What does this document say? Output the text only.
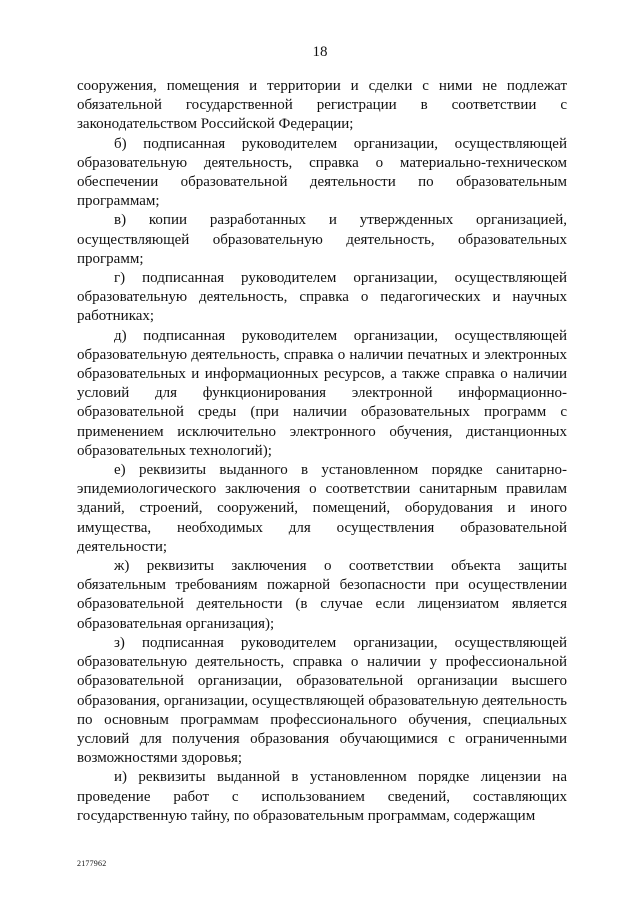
18

сооружения, помещения и территории и сделки с ними не подлежат обязательной государственной регистрации в соответствии с законодательством Российской Федерации;

б) подписанная руководителем организации, осуществляющей образовательную деятельность, справка о материально-техническом обеспечении образовательной деятельности по образовательным программам;

в) копии разработанных и утвержденных организацией, осуществляющей образовательную деятельность, образовательных программ;

г) подписанная руководителем организации, осуществляющей образовательную деятельность, справка о педагогических и научных работниках;

д) подписанная руководителем организации, осуществляющей образовательную деятельность, справка о наличии печатных и электронных образовательных и информационных ресурсов, а также справка о наличии условий для функционирования электронной информационно-образовательной среды (при наличии образовательных программ с применением исключительно электронного обучения, дистанционных образовательных технологий);

е) реквизиты выданного в установленном порядке санитарно-эпидемиологического заключения о соответствии санитарным правилам зданий, строений, сооружений, помещений, оборудования и иного имущества, необходимых для осуществления образовательной деятельности;

ж) реквизиты заключения о соответствии объекта защиты обязательным требованиям пожарной безопасности при осуществлении образовательной деятельности (в случае если лицензиатом является образовательная организация);

з) подписанная руководителем организации, осуществляющей образовательную деятельность, справка о наличии у профессиональной образовательной организации, образовательной организации высшего образования, организации, осуществляющей образовательную деятельность по основным программам профессионального обучения, специальных условий для получения образования обучающимися с ограниченными возможностями здоровья;

и) реквизиты выданной в установленном порядке лицензии на проведение работ с использованием сведений, составляющих государственную тайну, по образовательным программам, содержащим

2177962
